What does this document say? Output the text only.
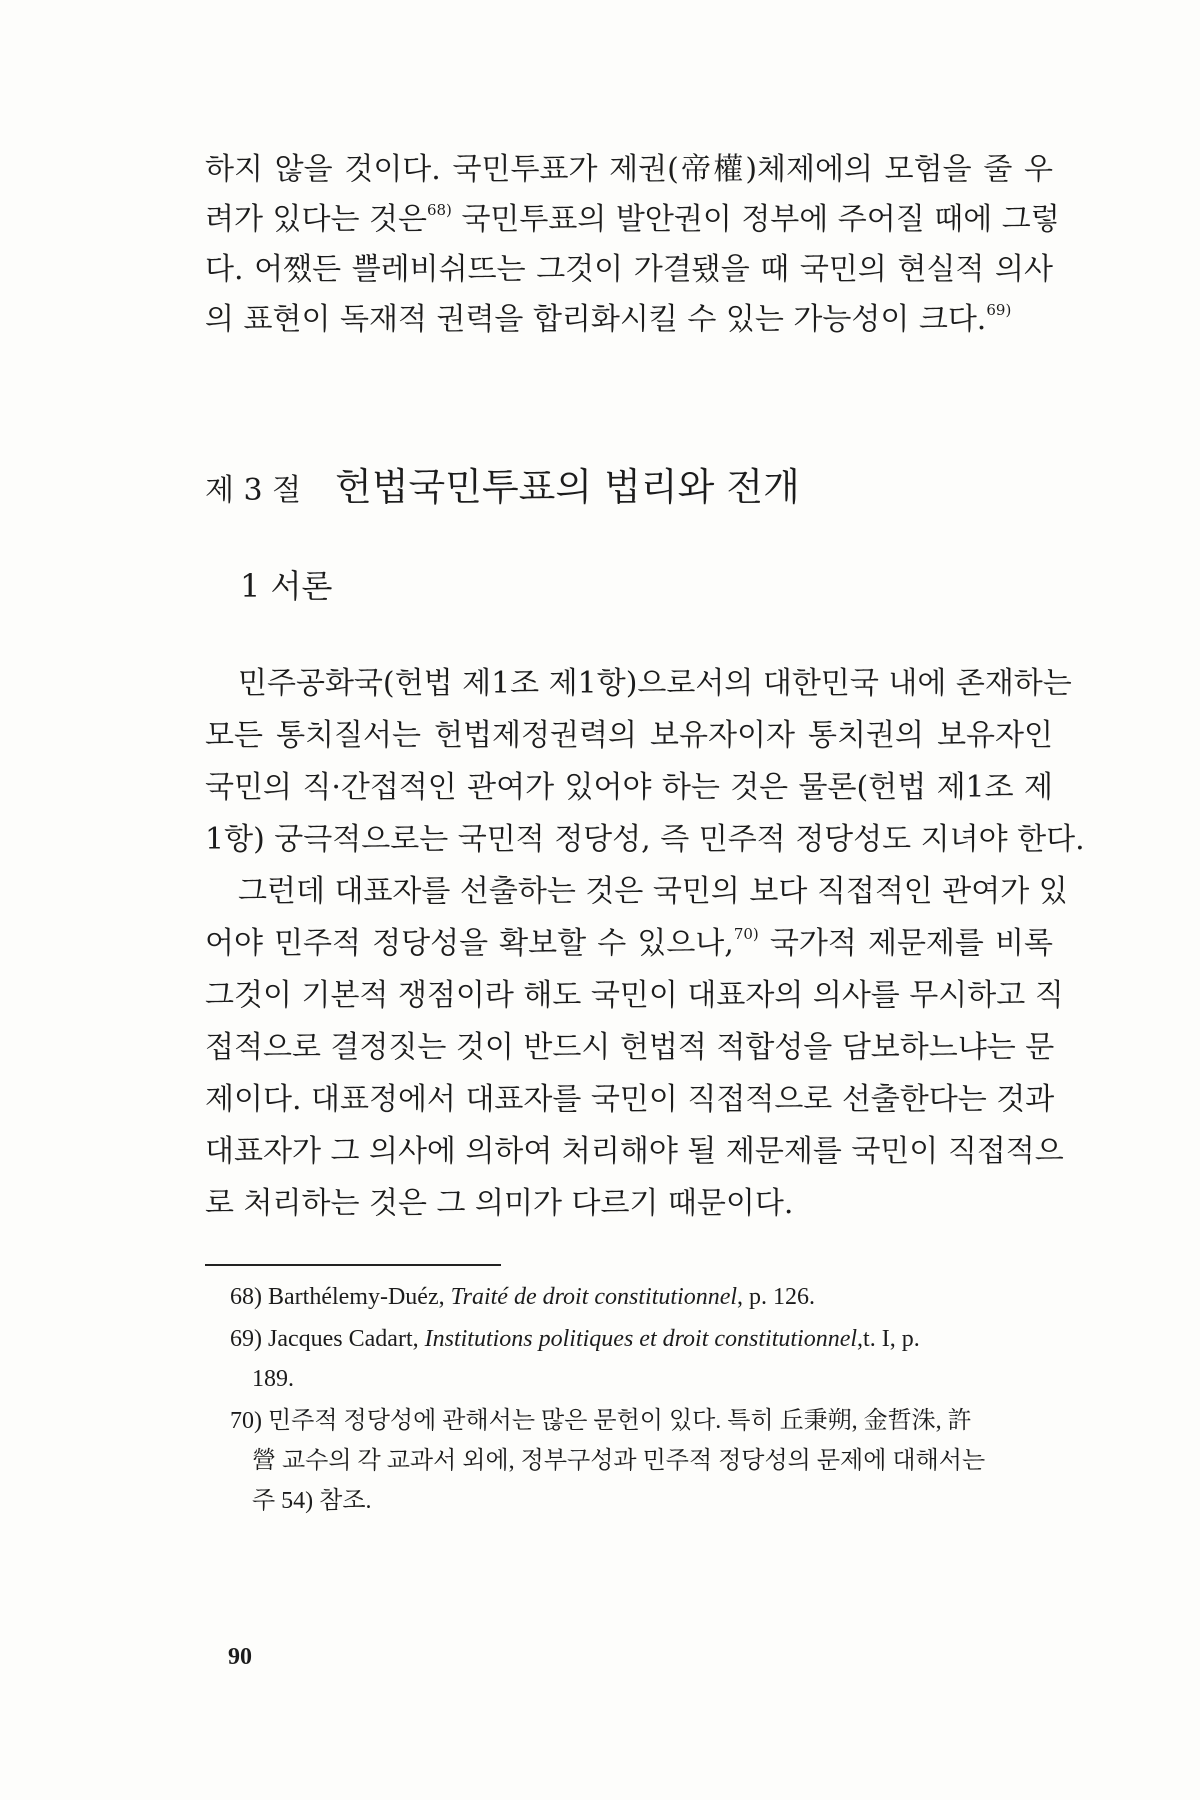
하지 않을 것이다. 국민투표가 제권(帝權)체제에의 모험을 줄 우
려가 있다는 것은$^{68)}$ 국민투표의 발안권이 정부에 주어질 때에 그렇
다. 어쨌든 쁠레비쉬뜨는 그것이 가결됐을 때 국민의 현실적 의사
의 표현이 독재적 권력을 합리화시킬 수 있는 가능성이 크다.$^{69)}$
제 3 절 헌법국민투표의 법리와 전개
1 서론
민주공화국(헌법 제1조 제1항)으로서의 대한민국 내에 존재하는
모든 통치질서는 헌법제정권력의 보유자이자 통치권의 보유자인
국민의 직·간접적인 관여가 있어야 하는 것은 물론(헌법 제1조 제
1항) 궁극적으로는 국민적 정당성, 즉 민주적 정당성도 지녀야 한다.
그런데 대표자를 선출하는 것은 국민의 보다 직접적인 관여가 있
어야 민주적 정당성을 확보할 수 있으나,$^{70)}$ 국가적 제문제를 비록
그것이 기본적 쟁점이라 해도 국민이 대표자의 의사를 무시하고 직
접적으로 결정짓는 것이 반드시 헌법적 적합성을 담보하느냐는 문
제이다. 대표정에서 대표자를 국민이 직접적으로 선출한다는 것과
대표자가 그 의사에 의하여 처리해야 될 제문제를 국민이 직접적으
로 처리하는 것은 그 의미가 다르기 때문이다.
68) Barthélemy-Duéz, Traité de droit constitutionnel, p. 126.
69) Jacques Cadart, Institutions politiques et droit constitutionnel,t. I, p.
189.
70) 민주적 정당성에 관해서는 많은 문헌이 있다. 특히 丘秉朔, 金哲洙, 許
營 교수의 각 교과서 외에, 정부구성과 민주적 정당성의 문제에 대해서는
주 54) 참조.
90
